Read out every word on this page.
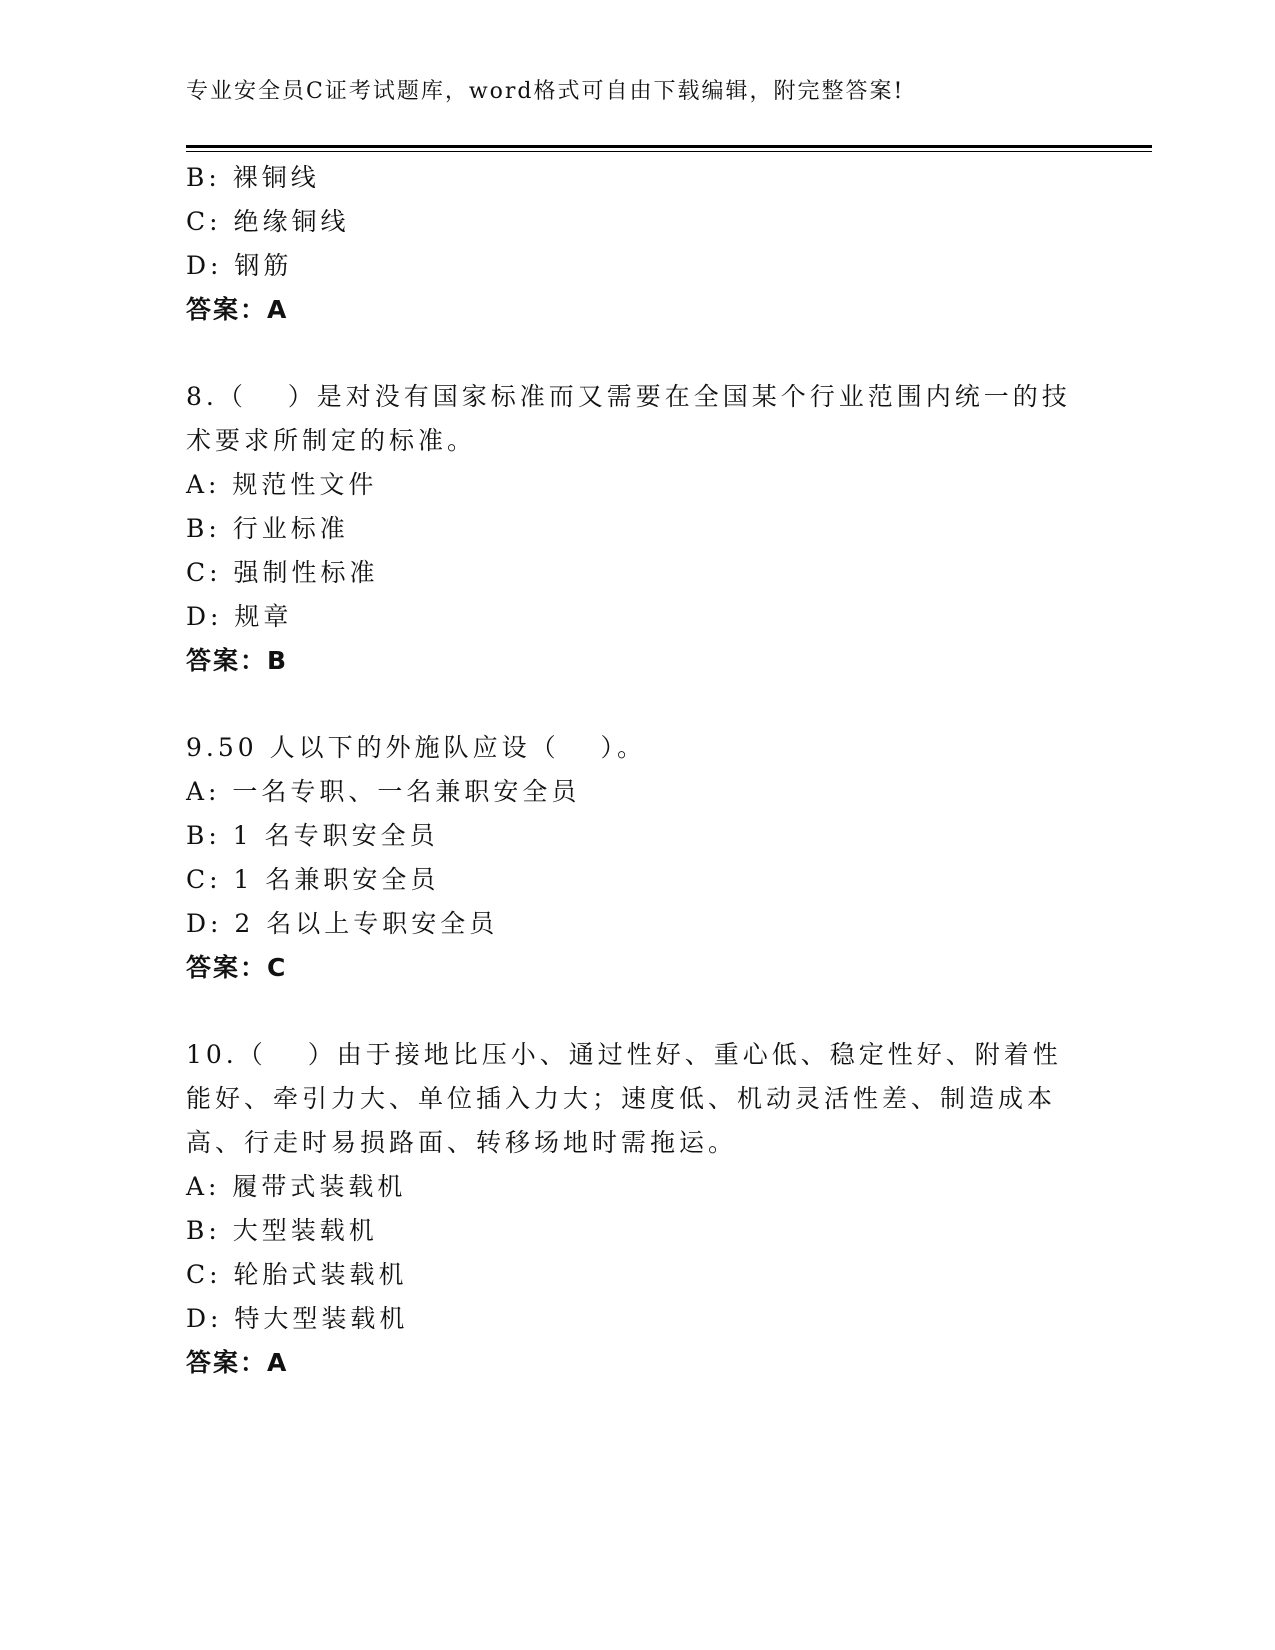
专业安全员C证考试题库，word格式可自由下载编辑，附完整答案!
B: 裸铜线
C: 绝缘铜线
D: 钢筋
答案：A
8.（　 ）是对没有国家标准而又需要在全国某个行业范围内统一的技
术要求所制定的标准。
A: 规范性文件
B: 行业标准
C: 强制性标准
D: 规章
答案：B
9.50 人以下的外施队应设（　 ）。
A: 一名专职、一名兼职安全员
B: 1 名专职安全员
C: 1 名兼职安全员
D: 2 名以上专职安全员
答案：C
10.（　 ）由于接地比压小、通过性好、重心低、稳定性好、附着性
能好、牵引力大、单位插入力大；速度低、机动灵活性差、制造成本
高、行走时易损路面、转移场地时需拖运。
A: 履带式装载机
B: 大型装载机
C: 轮胎式装载机
D: 特大型装载机
答案：A
